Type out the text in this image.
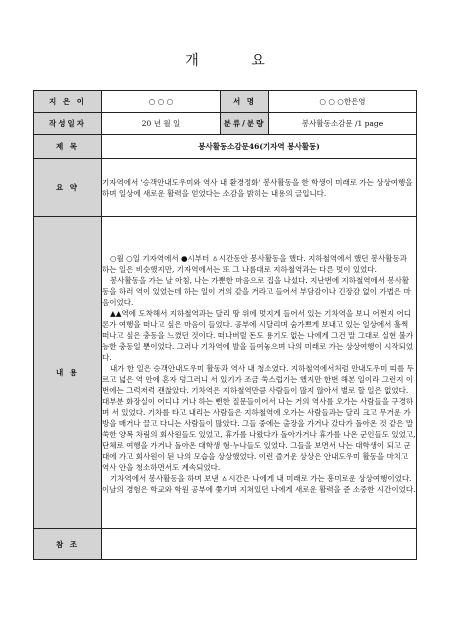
개 요
지 은 이	○ ○ ○	서 명	○ ○ ○한은영
작성일자	20 년 월 일	분류/분량	봉사활동소감문 /1 page
제 목	봉사활동소감문46(기자역 봉사활동)		
요 약	기자역에서 '승객안내도우미와 역사 내 환경정화' 봉사활동을 한 학생이 미래로 가는 상상여행을 하며 일상에 새로운 활력을 얻었다는 소감을 밝히는 내용의 글입니다.		
내 용	○월 ○일 기자역에서 ●시부터 ㅿ시간동안 봉사활동을 했다. 지하철역에서 했던 봉사활동과 하는 일은 비슷했지만, 기자역에서는 또 그 나름대로 지하철역과는 다른 멋이 있었다.

봉사활동을 가는 날 아침, 나는 가뿐한 마음으로 집을 나섰다. 지난번에 지하철역에서 봉사활동을 하러 역이 있었는데 하는 일이 거의 같을 거라고 들어서 부담감이나 긴장감 없이 가볍은 마음이었다.

▲▲역에 도착해서 지하철역과는 달리 땅 위에 멋지게 들어서 있는 기차역을 보니 어쩐지 어디론가 여행을 떠나고 싶은 마음이 들었다. 공부에 시달리며 숨가쁘게 보내고 있는 일상에서 훌쩍 떠나고 싶은 충동을 느꼈던 것이다. 떠나버릴 돈도 용기도 없는 나에게 그건 말 그대로 실현 불가능한 충동일 뿐이었다. 그러나 기차역에 발을 들여놓으며 나의 미래로 가는 상상여행이 시작되었다.

내가 한 일은 승객안내도우미 활동과 역사 내 청소였다. 지하철역에서처럼 안내도우미 띠를 두르고 넓은 역 안에 혼자 덩그러니 서 있기가 조금 쑥스럽기는 했지만 한번 해본 일이라 그런지 이번에는 그럭저럭 괜찮았다. 기차역은 지하철역만큼 사람들이 많지 않아서 별로 할 일은 없었다. 대부분 화장실이 어디냐 거나 하는 뻔한 질문들이어서 나는 거의 역사를 오가는 사람들을 구경하며 서 있었다. 기차를 타고 내리는 사람들은 지하철역에 오가는 사람들과는 달리 크고 무거운 가방을 매거나 끌고 다니는 사람들이 많았다. 그들 중에는 출장을 가거나 갔다가 돌아온 것 같은 말쑥한 양복 차림의 회사원들도 있었고, 휴가를 나왔다가 돌아가거나 휴가를 나온 군인들도 있었고, 단체로 여행을 가거나 돌아온 대학생 형·누나들도 있었다. 그들을 보면서 나는 대학생이 되고 군대에 가고 회사원이 된 나의 모습을 상상했었다. 이런 즐거운 상상은 안내도우미 활동을 마치고 역사 안을 청소하면서도 계속되었다.

기차역에서 봉사활동을 하며 보낸 ㅿ시간은 나에게 내 미래로 가는 흥미로운 상상여행이었다. 이날의 경험은 학교와 학원 공부에 쫓기며 지쳐있던 나에게 새로운 활력을 준 소중한 시간이었다.		

참 조			
